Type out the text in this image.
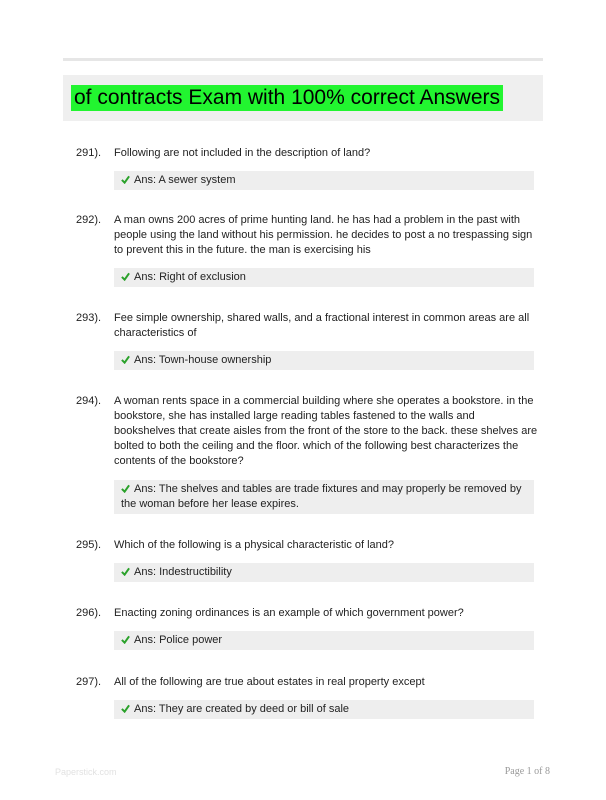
of contracts Exam with 100% correct Answers
291). Following are not included in the description of land?
Ans: A sewer system
292). A man owns 200 acres of prime hunting land. he has had a problem in the past with people using the land without his permission. he decides to post a no trespassing sign to prevent this in the future. the man is exercising his
Ans: Right of exclusion
293). Fee simple ownership, shared walls, and a fractional interest in common areas are all characteristics of
Ans: Town-house ownership
294). A woman rents space in a commercial building where she operates a bookstore. in the bookstore, she has installed large reading tables fastened to the walls and bookshelves that create aisles from the front of the store to the back. these shelves are bolted to both the ceiling and the floor. which of the following best characterizes the contents of the bookstore?
Ans: The shelves and tables are trade fixtures and may properly be removed by the woman before her lease expires.
295). Which of the following is a physical characteristic of land?
Ans: Indestructibility
296). Enacting zoning ordinances is an example of which government power?
Ans: Police power
297). All of the following are true about estates in real property except
Ans: They are created by deed or bill of sale
Paperstick.com	Page 1 of 8
